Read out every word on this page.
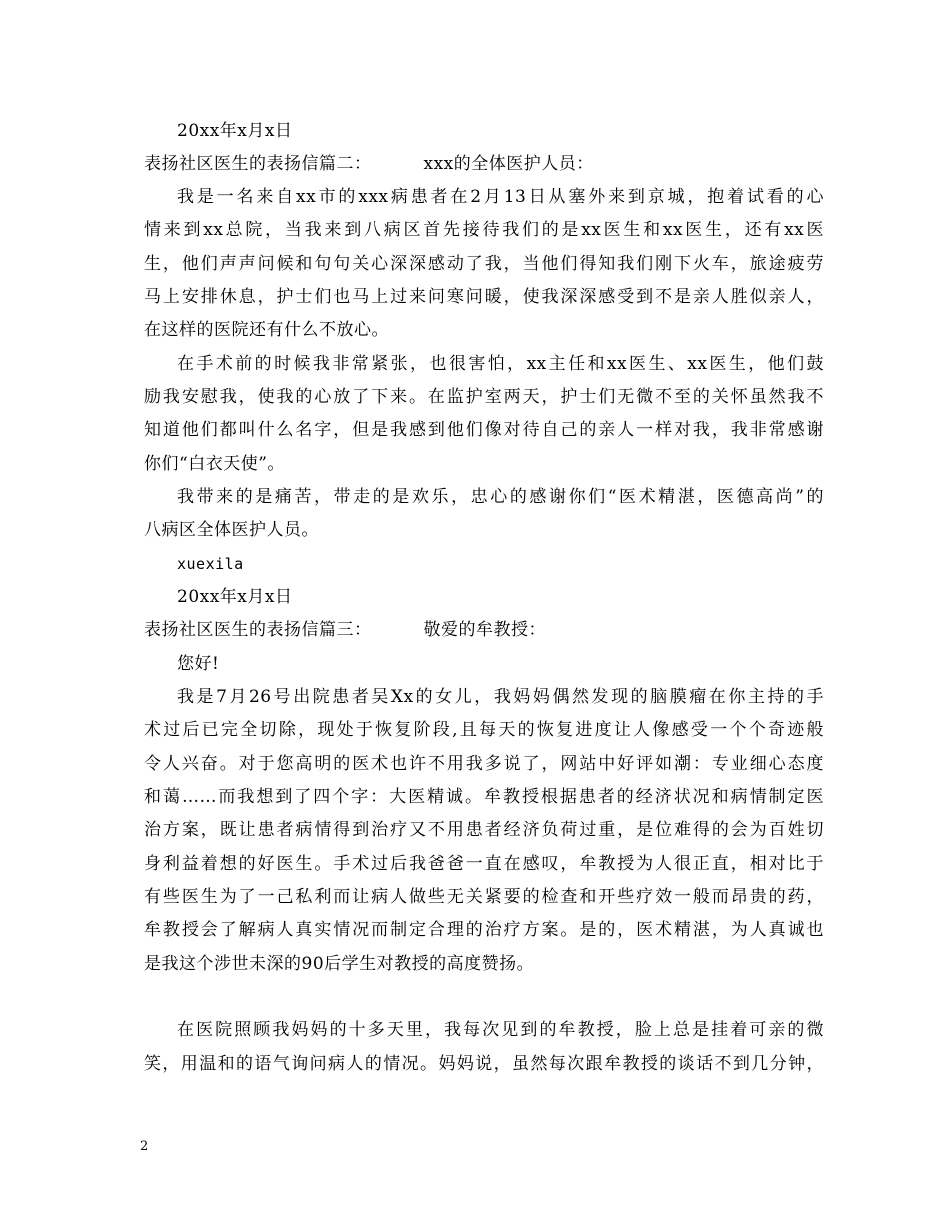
20xx年x月x日
表扬社区医生的表扬信篇二：	xxx的全体医护人员：
我是一名来自xx市的xxx病患者在2月13日从塞外来到京城，抱着试看的心
情来到xx总院，当我来到八病区首先接待我们的是xx医生和xx医生，还有xx医
生，他们声声问候和句句关心深深感动了我，当他们得知我们刚下火车，旅途疲劳
马上安排休息，护士们也马上过来问寒问暖，使我深深感受到不是亲人胜似亲人，
在这样的医院还有什么不放心。
在手术前的时候我非常紧张，也很害怕，xx主任和xx医生、xx医生，他们鼓
励我安慰我，使我的心放了下来。在监护室两天，护士们无微不至的关怀虽然我不
知道他们都叫什么名字，但是我感到他们像对待自己的亲人一样对我，我非常感谢
你们“白衣天使”。
我带来的是痛苦，带走的是欢乐，忠心的感谢你们“医术精湛，医德高尚”的
八病区全体医护人员。
xuexila
20xx年x月x日
表扬社区医生的表扬信篇三：	敬爱的牟教授：
您好!
我是7月26号出院患者吴Xx的女儿，我妈妈偶然发现的脑膜瘤在你主持的手
术过后已完全切除，现处于恢复阶段,且每天的恢复进度让人像感受一个个奇迹般
令人兴奋。对于您高明的医术也许不用我多说了，网站中好评如潮：专业细心态度
和蔼……而我想到了四个字：大医精诚。牟教授根据患者的经济状况和病情制定医
治方案，既让患者病情得到治疗又不用患者经济负荷过重，是位难得的会为百姓切
身利益着想的好医生。手术过后我爸爸一直在感叹，牟教授为人很正直，相对比于
有些医生为了一己私利而让病人做些无关紧要的检查和开些疗效一般而昂贵的药，
牟教授会了解病人真实情况而制定合理的治疗方案。是的，医术精湛，为人真诚也
是我这个涉世未深的90后学生对教授的高度赞扬。
在医院照顾我妈妈的十多天里，我每次见到的牟教授，脸上总是挂着可亲的微
笑，用温和的语气询问病人的情况。妈妈说，虽然每次跟牟教授的谈话不到几分钟，
2
